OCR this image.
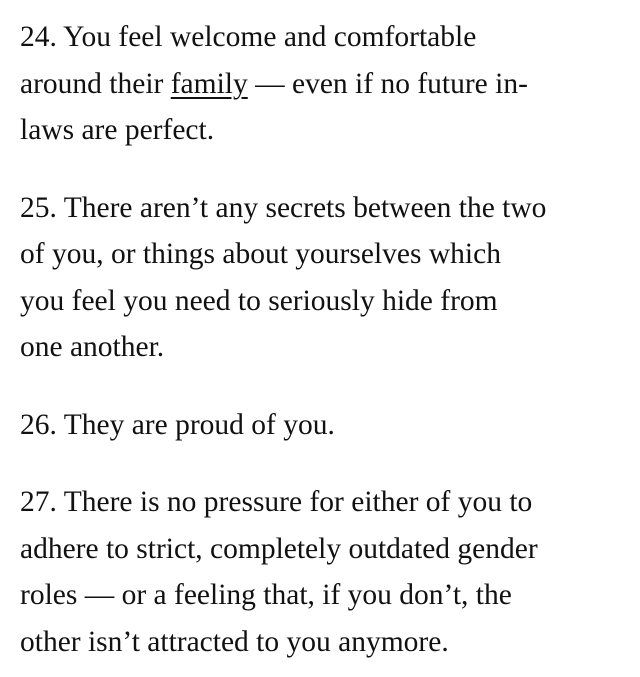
24. You feel welcome and comfortable
around their family — even if no future in-
laws are perfect.

25. There aren’t any secrets between the two
of you, or things about yourselves which
you feel you need to seriously hide from
one another.

26. They are proud of you.

27. There is no pressure for either of you to
adhere to strict, completely outdated gender
roles — or a feeling that, if you don’t, the
other isn’t attracted to you anymore.
